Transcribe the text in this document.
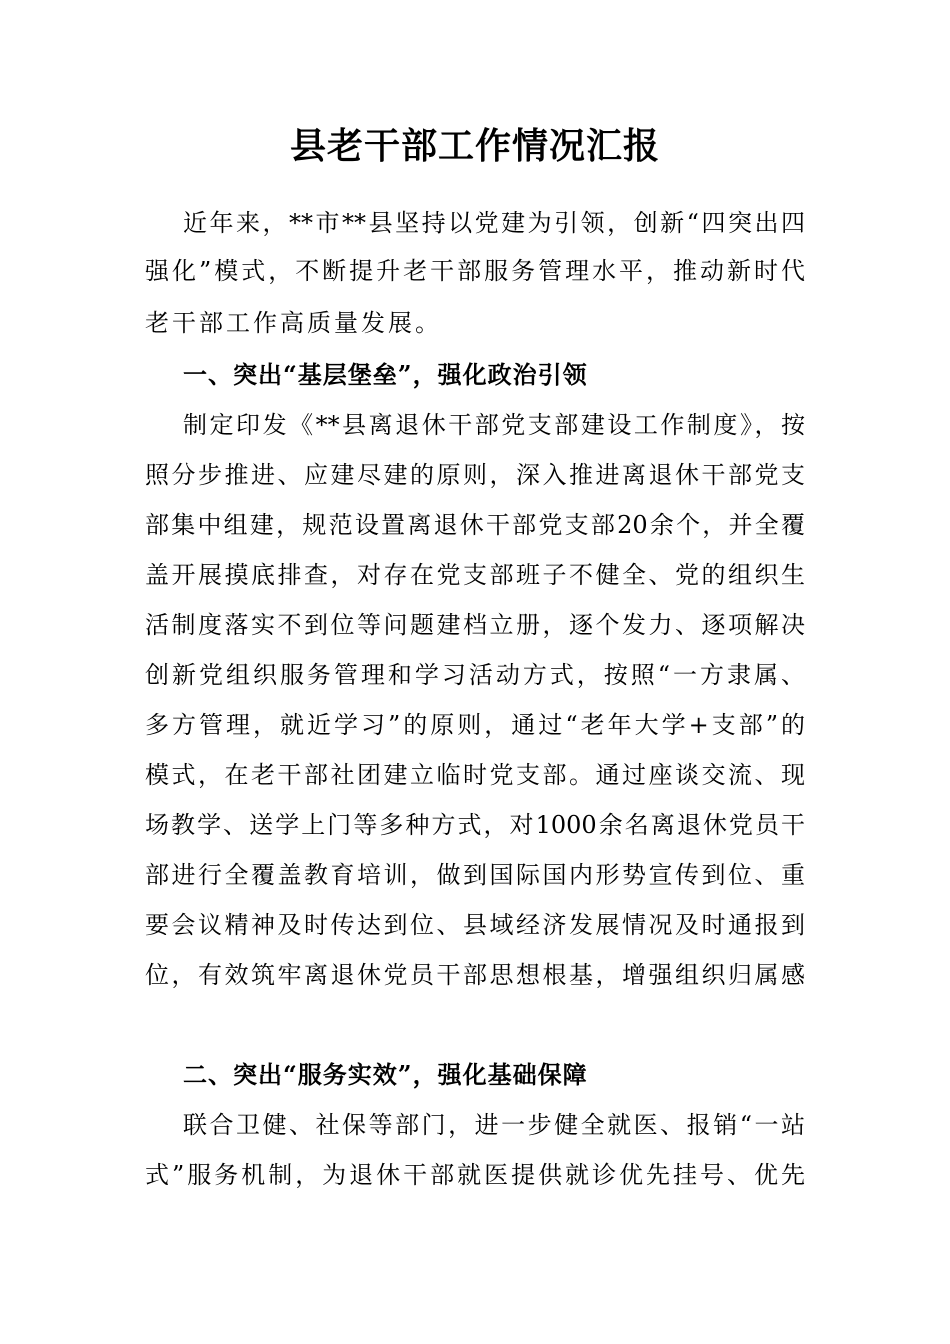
县老干部工作情况汇报
近年来，**市**县坚持以党建为引领，创新“四突出四
强化”模式，不断提升老干部服务管理水平，推动新时代
老干部工作高质量发展。
一、突出“基层堡垒”，强化政治引领
制定印发《**县离退休干部党支部建设工作制度》，按
照分步推进、应建尽建的原则，深入推进离退休干部党支
部集中组建，规范设置离退休干部党支部20余个，并全覆
盖开展摸底排查，对存在党支部班子不健全、党的组织生
活制度落实不到位等问题建档立册，逐个发力、逐项解决
创新党组织服务管理和学习活动方式，按照“一方隶属、
多方管理，就近学习”的原则，通过“老年大学+支部”的
模式，在老干部社团建立临时党支部。通过座谈交流、现
场教学、送学上门等多种方式，对1000余名离退休党员干
部进行全覆盖教育培训，做到国际国内形势宣传到位、重
要会议精神及时传达到位、县域经济发展情况及时通报到
位，有效筑牢离退休党员干部思想根基，增强组织归属感
二、突出“服务实效”，强化基础保障
联合卫健、社保等部门，进一步健全就医、报销“一站
式”服务机制，为退休干部就医提供就诊优先挂号、优先
